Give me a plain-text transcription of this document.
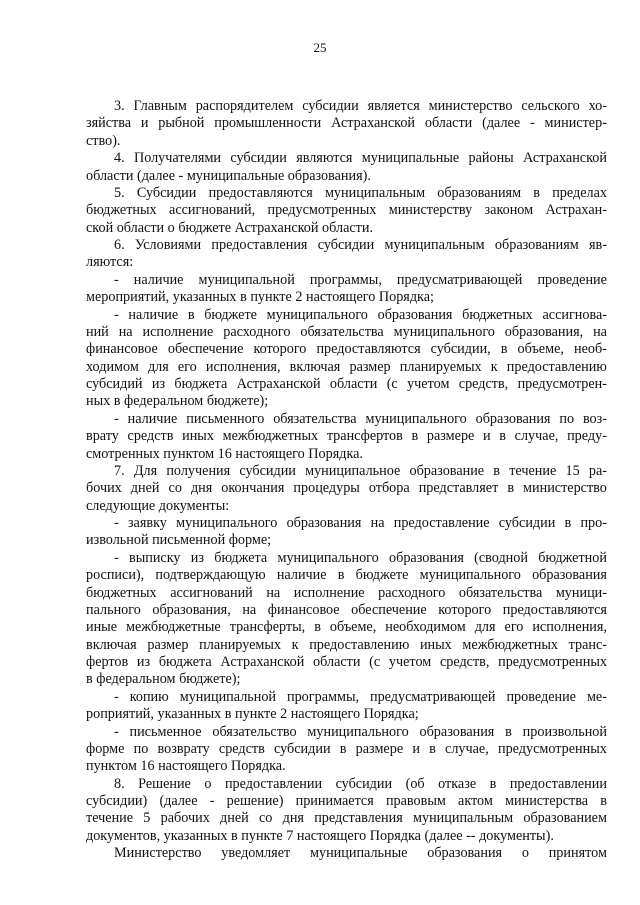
25
3. Главным распорядителем субсидии является министерство сельского хо-
зяйства и рыбной промышленности Астраханской области (далее - министер-
ство).
4. Получателями субсидии являются муниципальные районы Астраханской
области (далее - муниципальные образования).
5. Субсидии предоставляются муниципальным образованиям в пределах
бюджетных ассигнований, предусмотренных министерству законом Астрахан-
ской области о бюджете Астраханской области.
6. Условиями предоставления субсидии муниципальным образованиям яв-
ляются:
- наличие муниципальной программы, предусматривающей проведение
мероприятий, указанных в пункте 2 настоящего Порядка;
- наличие в бюджете муниципального образования бюджетных ассигнова-
ний на исполнение расходного обязательства муниципального образования, на
финансовое обеспечение которого предоставляются субсидии, в объеме, необ-
ходимом для его исполнения, включая размер планируемых к предоставлению
субсидий из бюджета Астраханской области (с учетом средств, предусмотрен-
ных в федеральном бюджете);
- наличие письменного обязательства муниципального образования по воз-
врату средств иных межбюджетных трансфертов в размере и в случае, преду-
смотренных пунктом 16 настоящего Порядка.
7. Для получения субсидии муниципальное образование в течение 15 ра-
бочих дней со дня окончания процедуры отбора представляет в министерство
следующие документы:
- заявку муниципального образования на предоставление субсидии в про-
извольной письменной форме;
- выписку из бюджета муниципального образования (сводной бюджетной
росписи), подтверждающую наличие в бюджете муниципального образования
бюджетных ассигнований на исполнение расходного обязательства муници-
пального образования, на финансовое обеспечение которого предоставляются
иные межбюджетные трансферты, в объеме, необходимом для его исполнения,
включая размер планируемых к предоставлению иных межбюджетных транс-
фертов из бюджета Астраханской области (с учетом средств, предусмотренных
в федеральном бюджете);
- копию муниципальной программы, предусматривающей проведение ме-
роприятий, указанных в пункте 2 настоящего Порядка;
- письменное обязательство муниципального образования в произвольной
форме по возврату средств субсидии в размере и в случае, предусмотренных
пунктом 16 настоящего Порядка.
8. Решение о предоставлении субсидии (об отказе в предоставлении
субсидии) (далее - решение) принимается правовым актом министерства в
течение 5 рабочих дней со дня представления муниципальным образованием
документов, указанных в пункте 7 настоящего Порядка (далее -- документы).
Министерство уведомляет муниципальные образования о принятом
